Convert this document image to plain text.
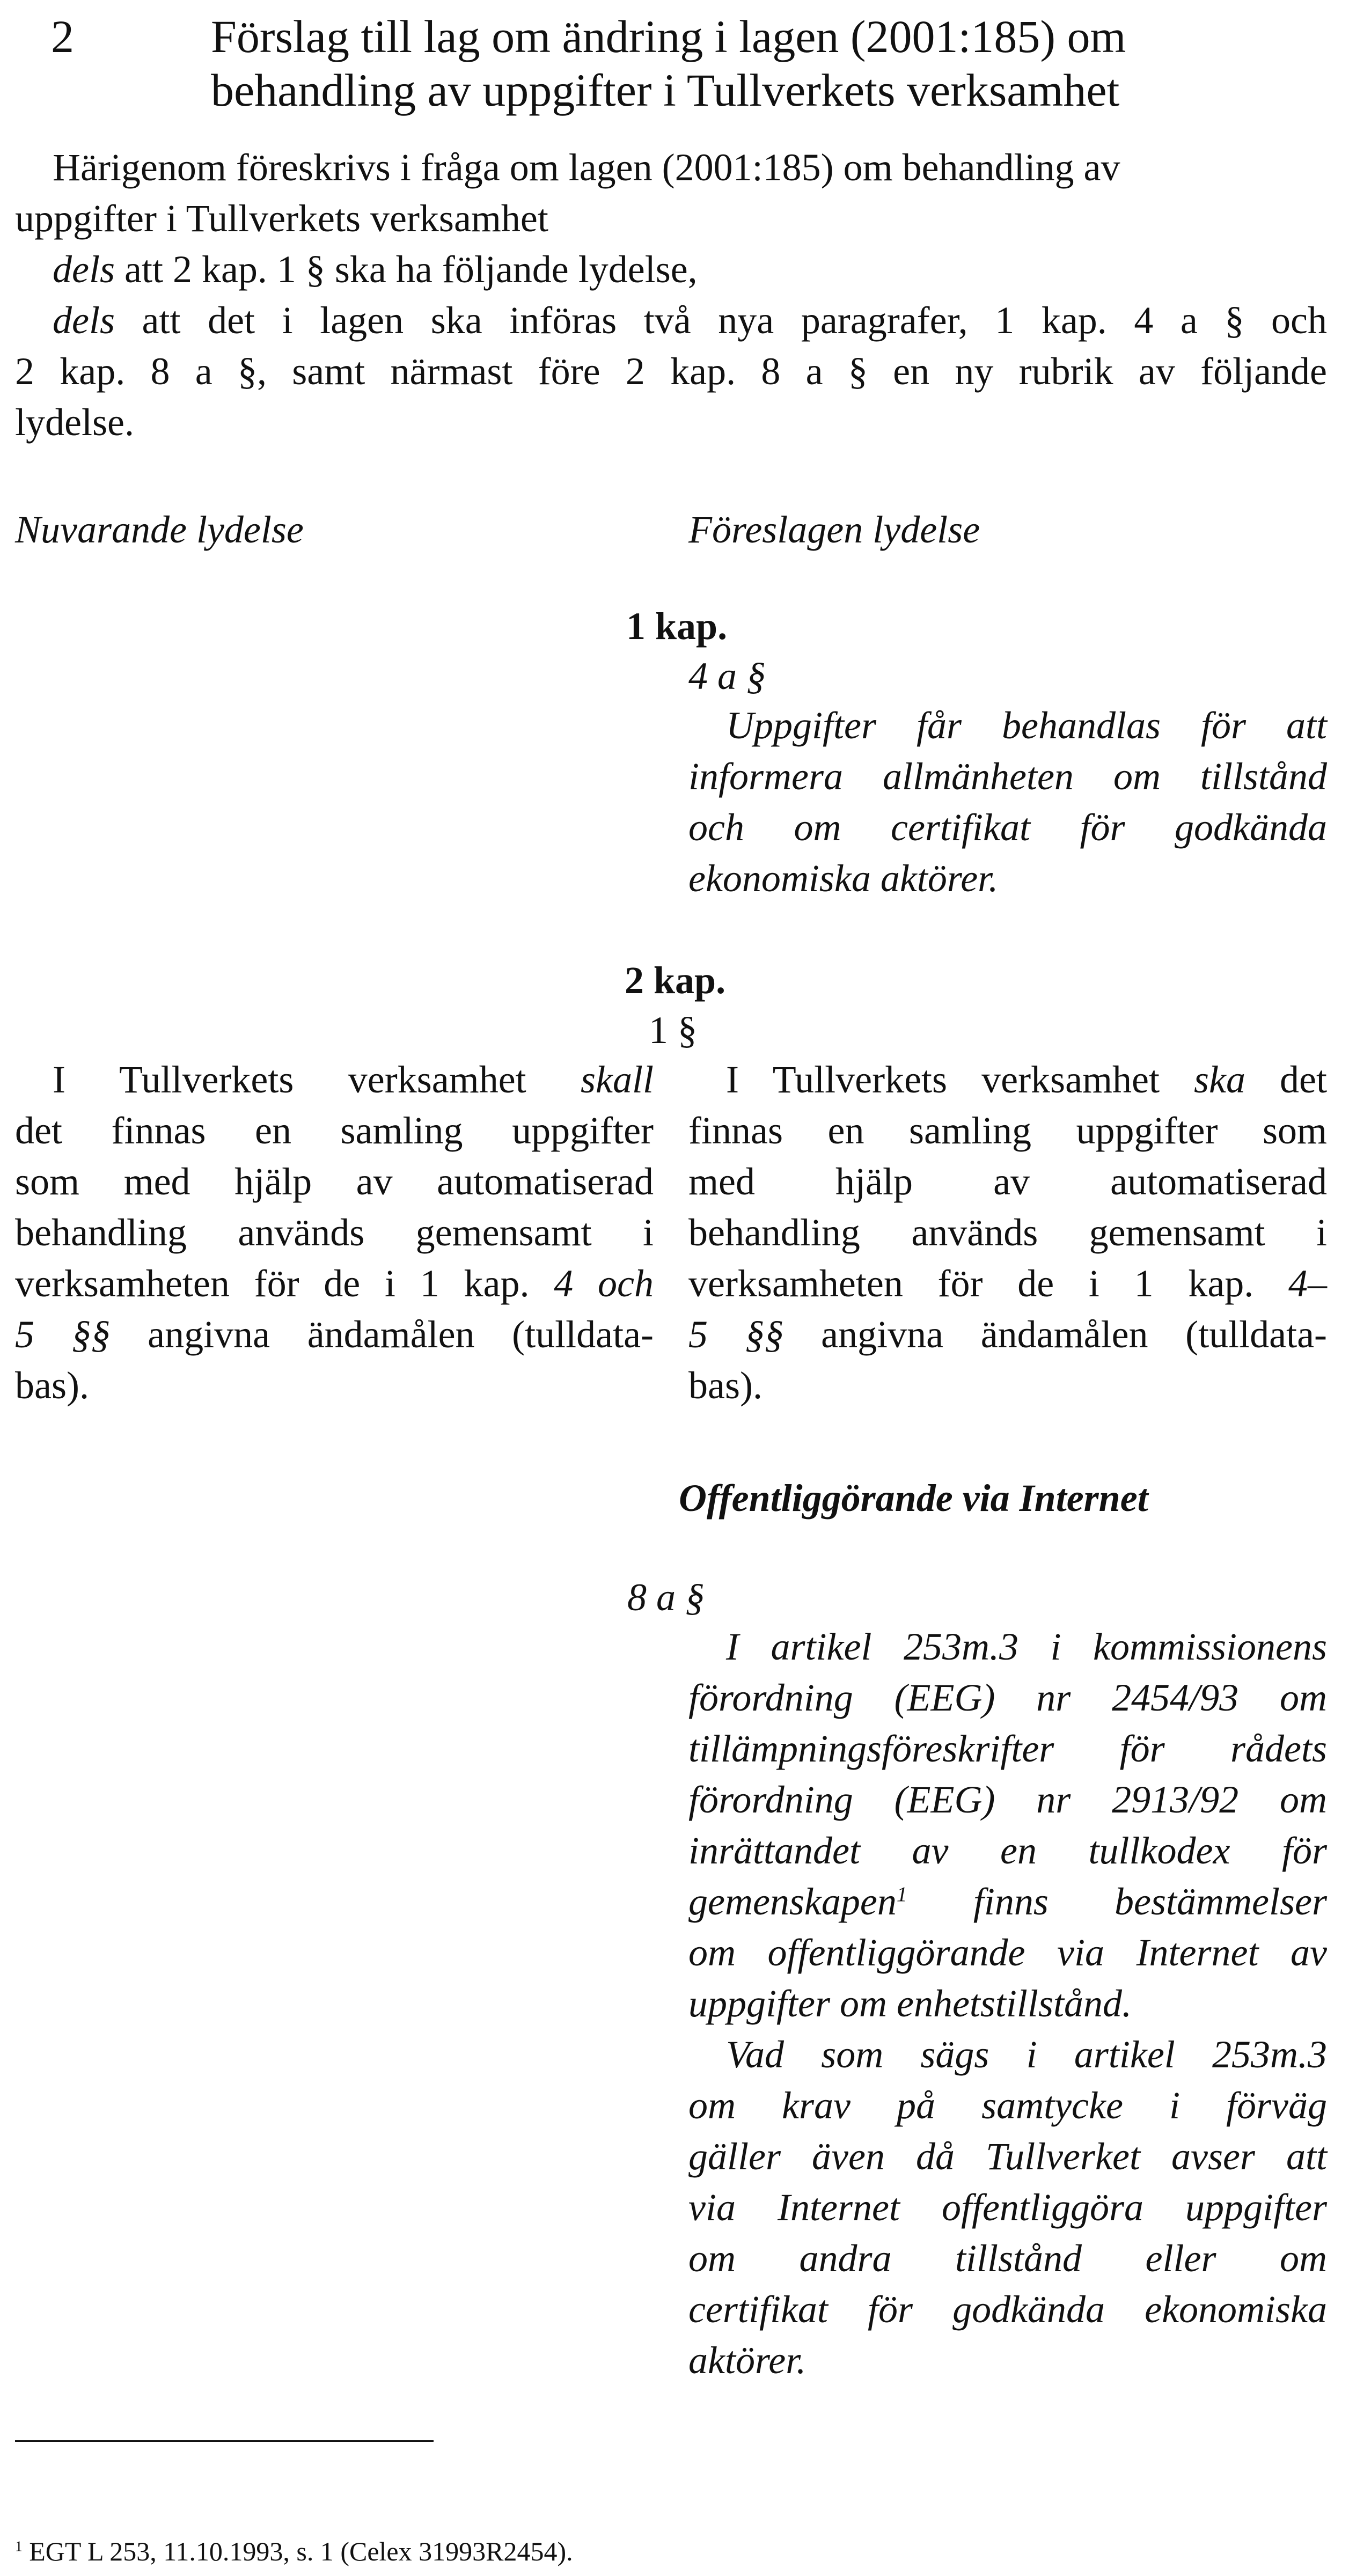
2	Förslag till lag om ändring i lagen (2001:185) om
behandling av uppgifter i Tullverkets verksamhet
Härigenom föreskrivs i fråga om lagen (2001:185) om behandling av
uppgifter i Tullverkets verksamhet
dels att 2 kap. 1 § ska ha följande lydelse,
dels att det i lagen ska införas två nya paragrafer, 1 kap. 4 a § och
2 kap. 8 a §, samt närmast före 2 kap. 8 a § en ny rubrik av följande
lydelse.
Nuvarande lydelse	Föreslagen lydelse
1 kap.
4 a §
Uppgifter får behandlas för att
informera allmänheten om tillstånd
och om certifikat för godkända
ekonomiska aktörer.
2 kap.
1 §
I Tullverkets verksamhet skall
det finnas en samling uppgifter
som med hjälp av automatiserad
behandling används gemensamt i
verksamheten för de i 1 kap. 4 och
5 §§ angivna ändamålen (tulldata-
bas).
I Tullverkets verksamhet ska det
finnas en samling uppgifter som
med hjälp av automatiserad
behandling används gemensamt i
verksamheten för de i 1 kap. 4–
5 §§ angivna ändamålen (tulldata-
bas).
Offentliggörande via Internet
8 a §
I artikel 253m.3 i kommissionens
förordning (EEG) nr 2454/93 om
tillämpningsföreskrifter för rådets
förordning (EEG) nr 2913/92 om
inrättandet av en tullkodex för
gemenskapen$^1$ finns bestämmelser
om offentliggörande via Internet av
uppgifter om enhetstillstånd.
Vad som sägs i artikel 253m.3
om krav på samtycke i förväg
gäller även då Tullverket avser att
via Internet offentliggöra uppgifter
om andra tillstånd eller om
certifikat för godkända ekonomiska
aktörer.
$^1$ EGT L 253, 11.10.1993, s. 1 (Celex 31993R2454).
